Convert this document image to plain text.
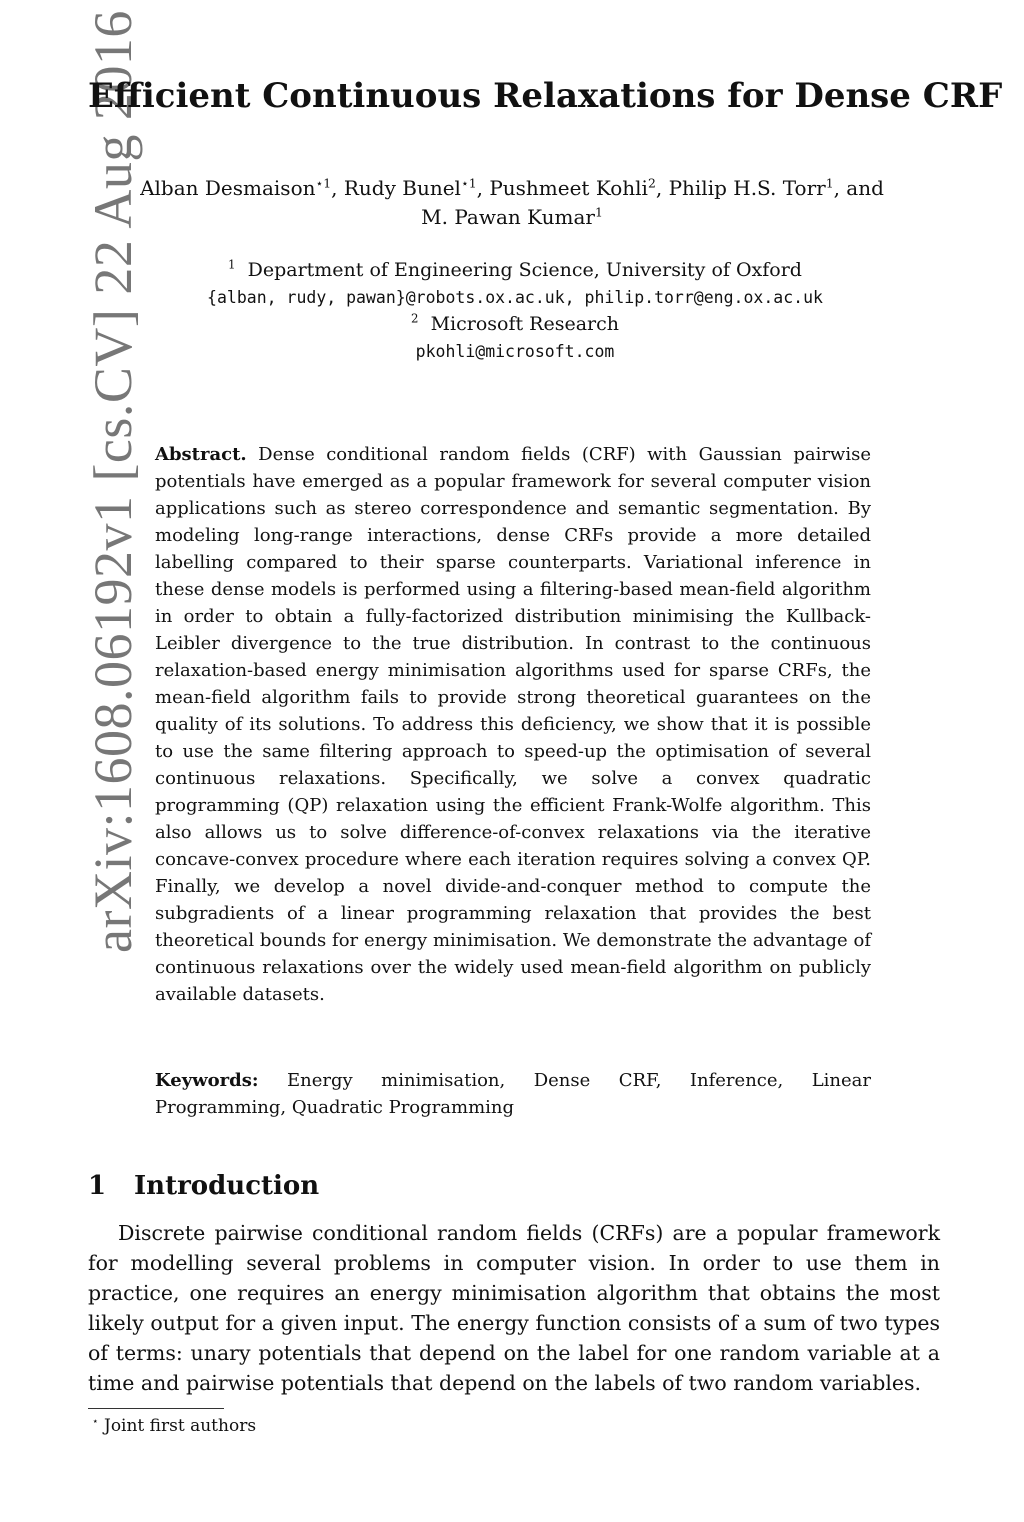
arXiv:1608.06192v1 [cs.CV] 22 Aug 2016
Efficient Continuous Relaxations for Dense CRF
Alban Desmaison$^{⋆1}$, Rudy Bunel$^{⋆1}$, Pushmeet Kohli$^2$, Philip H.S. Torr$^1$, and
M. Pawan Kumar$^1$
$^1$ Department of Engineering Science, University of Oxford
{alban, rudy, pawan}@robots.ox.ac.uk, philip.torr@eng.ox.ac.uk
$^2$ Microsoft Research
pkohli@microsoft.com
Abstract. Dense conditional random fields (CRF) with Gaussian pairwise potentials have emerged as a popular framework for several computer vision applications such as stereo correspondence and semantic segmentation. By modeling long-range interactions, dense CRFs provide a more detailed labelling compared to their sparse counterparts. Variational inference in these dense models is performed using a filtering-based mean-field algorithm in order to obtain a fully-factorized distribution minimising the Kullback-Leibler divergence to the true distribution. In contrast to the continuous relaxation-based energy minimisation algorithms used for sparse CRFs, the mean-field algorithm fails to provide strong theoretical guarantees on the quality of its solutions. To address this deficiency, we show that it is possible to use the same filtering approach to speed-up the optimisation of several continuous relaxations. Specifically, we solve a convex quadratic programming (QP) relaxation using the efficient Frank-Wolfe algorithm. This also allows us to solve difference-of-convex relaxations via the iterative concave-convex procedure where each iteration requires solving a convex QP. Finally, we develop a novel divide-and-conquer method to compute the subgradients of a linear programming relaxation that provides the best theoretical bounds for energy minimisation. We demonstrate the advantage of continuous relaxations over the widely used mean-field algorithm on publicly available datasets.
Keywords: Energy minimisation, Dense CRF, Inference, Linear Programming, Quadratic Programming
1 Introduction
Discrete pairwise conditional random fields (CRFs) are a popular framework for modelling several problems in computer vision. In order to use them in practice, one requires an energy minimisation algorithm that obtains the most likely output for a given input. The energy function consists of a sum of two types of terms: unary potentials that depend on the label for one random variable at a time and pairwise potentials that depend on the labels of two random variables.
⋆ Joint first authors
